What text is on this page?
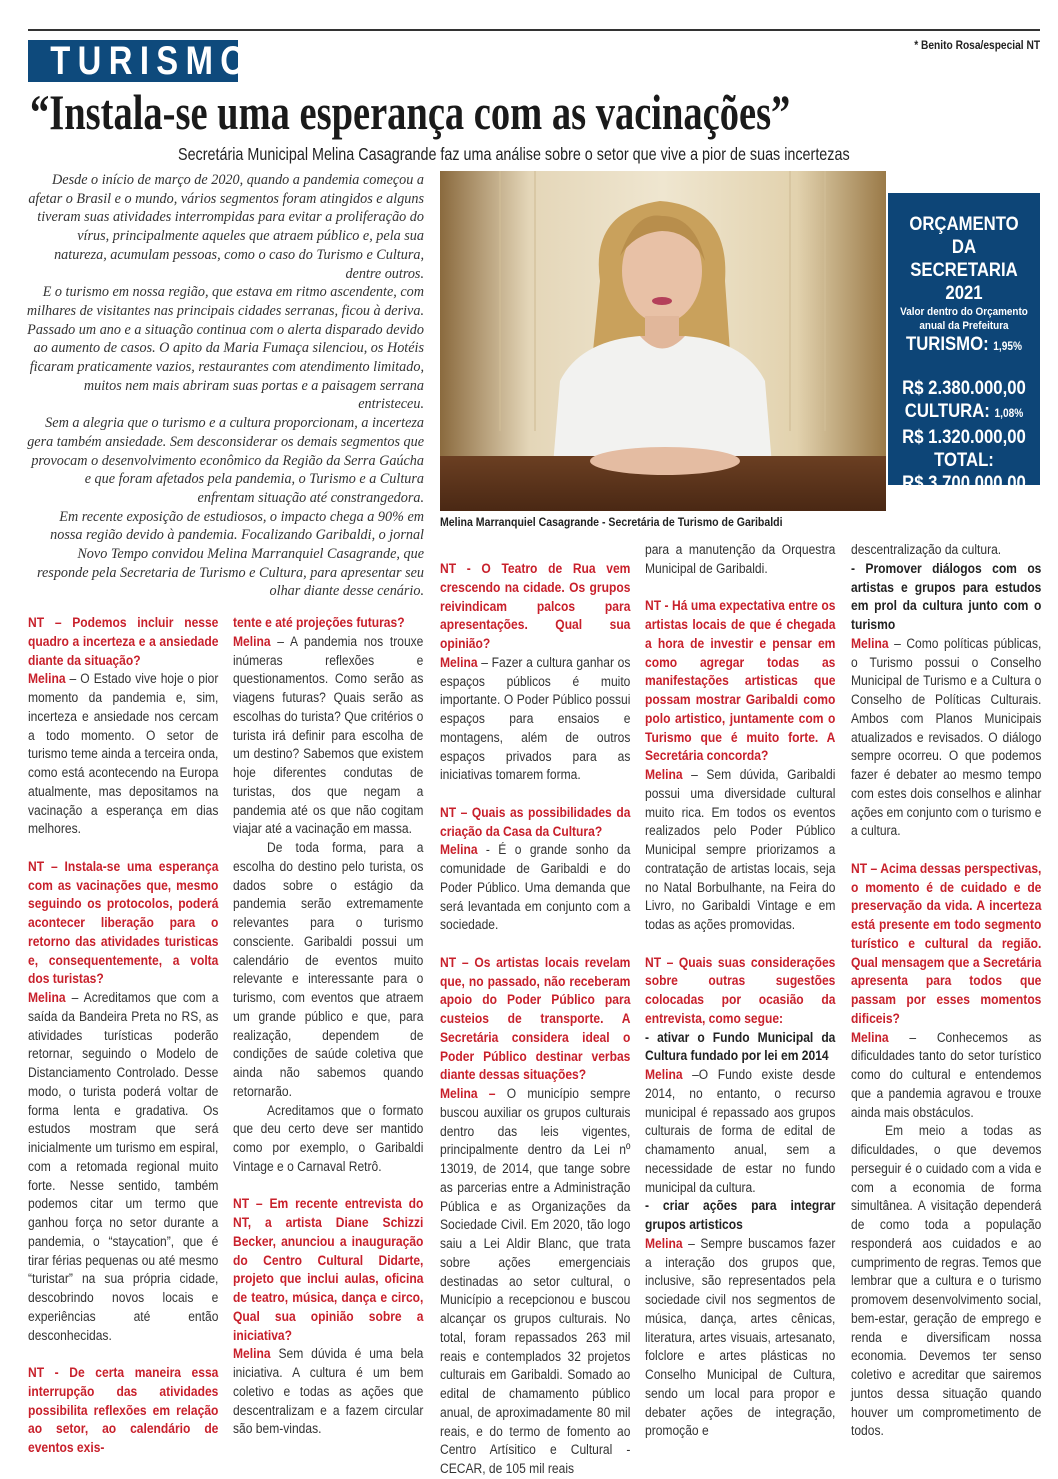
TURISMO	* Benito Rosa/especial NT
“Instala-se uma esperança com as vacinações”
Secretária Municipal Melina Casagrande faz uma análise sobre o setor que vive a pior de suas incertezas

Desde o início de março de 2020, quando a pandemia começou a afetar o Brasil e o mundo, vários segmentos foram atingidos e alguns tiveram suas atividades interrompidas para evitar a proliferação do vírus, principalmente aqueles que atraem público e, pela sua natureza, acumulam pessoas, como o caso do Turismo e Cultura, dentre outros.

E o turismo em nossa região, que estava em ritmo ascendente, com milhares de visitantes nas principais cidades serranas, ficou à deriva. Passado um ano e a situação continua com o alerta disparado devido ao aumento de casos. O apito da Maria Fumaça silenciou, os Hotéis ficaram praticamente vazios, restaurantes com atendimento limitado, muitos nem mais abriram suas portas e a paisagem serrana entristeceu.

Sem a alegria que o turismo e a cultura proporcionam, a incerteza gera também ansiedade. Sem desconsiderar os demais segmentos que provocam o desenvolvimento econômico da Região da Serra Gaúcha e que foram afetados pela pandemia, o Turismo e a Cultura enfrentam situação até constrangedora.

Em recente exposição de estudiosos, o impacto chega a 90% em nossa região devido à pandemia. Focalizando Garibaldi, o jornal Novo Tempo convidou Melina Marranquiel Casagrande, que responde pela Secretaria de Turismo e Cultura, para apresentar seu olhar diante desse cenário.

Melina Marranquiel Casagrande - Secretária de Turismo de Garibaldi
ORÇAMENTO
DA SECRETARIA
2021
Valor dentro do Orçamento
anual da Prefeitura
TURISMO: 1,95%
R$ 2.380.000,00
CULTURA: 1,08%
R$ 1.320.000,00
TOTAL:
R$ 3.700.000,00

NT – Podemos incluir nesse quadro a incerteza e a ansiedade diante da situação?

Melina – O Estado vive hoje o pior momento da pandemia e, sim, incerteza e ansiedade nos cercam a todo momento. O setor de turismo teme ainda a terceira onda, como está acontecendo na Europa atualmente, mas depositamos na vacinação a esperança em dias melhores.

NT – Instala-se uma esperança com as vacinações que, mesmo seguindo os protocolos, poderá acontecer liberação para o retorno das atividades turisticas e, consequentemente, a volta dos turistas?

Melina – Acreditamos que com a saída da Bandeira Preta no RS, as atividades turísticas poderão retornar, seguindo o Modelo de Distanciamento Controlado. Desse modo, o turista poderá voltar de forma lenta e gradativa. Os estudos mostram que será inicialmente um turismo em espiral, com a retomada regional muito forte. Nesse sentido, também podemos citar um termo que ganhou força no setor durante a pandemia, o “staycation”, que é tirar férias pequenas ou até mesmo “turistar” na sua própria cidade, descobrindo novos locais e experiências até então desconhecidas.

NT - De certa maneira essa interrupção das atividades possibilita reflexões em relação ao setor, ao calendário de eventos exis-

tente e até projeções futuras?

Melina – A pandemia nos trouxe inúmeras reflexões e questionamentos. Como serão as viagens futuras? Quais serão as escolhas do turista? Que critérios o turista irá definir para escolha de um destino? Sabemos que existem hoje diferentes condutas de turistas, dos que negam a pandemia até os que não cogitam viajar até a vacinação em massa.

De toda forma, para a escolha do destino pelo turista, os dados sobre o estágio da pandemia serão extremamente relevantes para o turismo consciente. Garibaldi possui um calendário de eventos muito relevante e interessante para o turismo, com eventos que atraem um grande público e que, para realização, dependem de condições de saúde coletiva que ainda não sabemos quando retornarão.

Acreditamos que o formato que deu certo deve ser mantido como por exemplo, o Garibaldi Vintage e o Carnaval Retrô.

NT – Em recente entrevista do NT, a artista Diane Schizzi Becker, anunciou a inauguração do Centro Cultural Didarte, projeto que inclui aulas, oficina de teatro, música, dança e circo, Qual sua opinião sobre a iniciativa?

Melina Sem dúvida é uma bela iniciativa. A cultura é um bem coletivo e todas as ações que descentralizam e a fazem circular são bem-vindas.

NT - O Teatro de Rua vem crescendo na cidade. Os grupos reivindicam palcos para apresentações. Qual sua opinião?

Melina – Fazer a cultura ganhar os espaços públicos é muito importante. O Poder Público possui espaços para ensaios e montagens, além de outros espaços privados para as iniciativas tomarem forma.

NT – Quais as possibilidades da criação da Casa da Cultura?

Melina - É o grande sonho da comunidade de Garibaldi e do Poder Público. Uma demanda que será levantada em conjunto com a sociedade.

NT – Os artistas locais revelam que, no passado, não receberam apoio do Poder Público para custeios de transporte. A Secretária considera ideal o Poder Público destinar verbas diante dessas situações?

Melina – O município sempre buscou auxiliar os grupos culturais dentro das leis vigentes, principalmente dentro da Lei nº 13019, de 2014, que tange sobre as parcerias entre a Administração Pública e as Organizações da Sociedade Civil. Em 2020, tão logo saiu a Lei Aldir Blanc, que trata sobre ações emergenciais destinadas ao setor cultural, o Município a recepcionou e buscou alcançar os grupos culturais. No total, foram repassados 263 mil reais e contemplados 32 projetos culturais em Garibaldi. Somado ao edital de chamamento público anual, de aproximadamente 80 mil reais, e do termo de fomento ao Centro Artísitico e Cultural - CECAR, de 105 mil reais

para a manutenção da Orquestra Municipal de Garibaldi.

NT - Há uma expectativa entre os artistas locais de que é chegada a hora de investir e pensar em como agregar todas as manifestações artisticas que possam mostrar Garibaldi como polo artistico, juntamente com o Turismo que é muito forte. A Secretária concorda?

Melina – Sem dúvida, Garibaldi possui uma diversidade cultural muito rica. Em todos os eventos realizados pelo Poder Público Municipal sempre priorizamos a contratação de artistas locais, seja no Natal Borbulhante, na Feira do Livro, no Garibaldi Vintage e em todas as ações promovidas.

NT – Quais suas considerações sobre outras sugestões colocadas por ocasião da entrevista, como segue:

- ativar o Fundo Municipal da Cultura fundado por lei em 2014

Melina –O Fundo existe desde 2014, no entanto, o recurso municipal é repassado aos grupos culturais de forma de edital de chamamento anual, sem a necessidade de estar no fundo municipal da cultura.

- criar ações para integrar grupos artisticos

Melina – Sempre buscamos fazer a interação dos grupos que, inclusive, são representados pela sociedade civil nos segmentos de música, dança, artes cênicas, literatura, artes visuais, artesanato, folclore e artes plásticas no Conselho Municipal de Cultura, sendo um local para propor e debater ações de integração, promoção e

descentralização da cultura.

- Promover diálogos com os artistas e grupos para estudos em prol da cultura junto com o turismo

Melina – Como políticas públicas, o Turismo possui o Conselho Municipal de Turismo e a Cultura o Conselho de Políticas Culturais. Ambos com Planos Municipais atualizados e revisados. O diálogo sempre ocorreu. O que podemos fazer é debater ao mesmo tempo com estes dois conselhos e alinhar ações em conjunto com o turismo e a cultura.

NT – Acima dessas perspectivas, o momento é de cuidado e de preservação da vida. A incerteza está presente em todo segmento turístico e cultural da região. Qual mensagem que a Secretária apresenta para todos que passam por esses momentos dificeis?

Melina – Conhecemos as dificuldades tanto do setor turístico como do cultural e entendemos que a pandemia agravou e trouxe ainda mais obstáculos.

Em meio a todas as dificuldades, o que devemos perseguir é o cuidado com a vida e com a economia de forma simultânea. A visitação dependerá de como toda a população responderá aos cuidados e ao cumprimento de regras. Temos que lembrar que a cultura e o turismo promovem desenvolvimento social, bem-estar, geração de emprego e renda e diversificam nossa economia. Devemos ter senso coletivo e acreditar que sairemos juntos dessa situação quando houver um comprometimento de todos.
